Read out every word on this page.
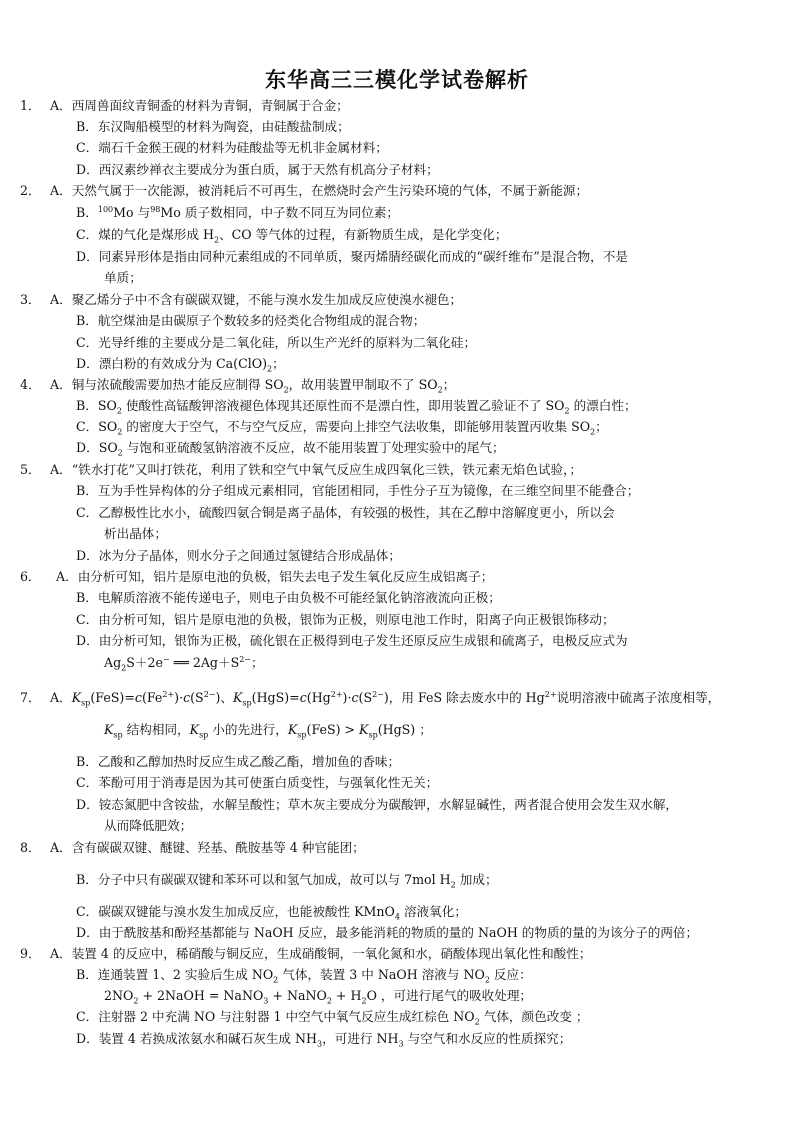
东华高三三模化学试卷解析
1． A．西周兽面纹青铜盉的材料为青铜，青铜属于合金；
B．东汉陶船模型的材料为陶瓷，由硅酸盐制成；
C．端石千金猴王砚的材料为硅酸盐等无机非金属材料；
D．西汉素纱禅衣主要成分为蛋白质，属于天然有机高分子材料；
2． A．天然气属于一次能源，被消耗后不可再生，在燃烧时会产生污染环境的气体，不属于新能源；
B．$^{100}$Mo 与$^{98}$Mo 质子数相同，中子数不同互为同位素；
C．煤的气化是煤形成 $H_2$、CO 等气体的过程，有新物质生成，是化学变化；
D．同素异形体是指由同种元素组成的不同单质，聚丙烯腈经碳化而成的“碳纤维布”是混合物，不是
单质；
3． A．聚乙烯分子中不含有碳碳双键，不能与溴水发生加成反应使溴水褪色；
B．航空煤油是由碳原子个数较多的烃类化合物组成的混合物；
C．光导纤维的主要成分是二氧化硅，所以生产光纤的原料为二氧化硅；
D．漂白粉的有效成分为 $Ca(ClO)_2$；
4． A．铜与浓硫酸需要加热才能反应制得 $SO_2$，故用装置甲制取不了 $SO_2$；
B．$SO_2$ 使酸性高锰酸钾溶液褪色体现其还原性而不是漂白性，即用装置乙验证不了 $SO_2$ 的漂白性；
C．$SO_2$ 的密度大于空气，不与空气反应，需要向上排空气法收集，即能够用装置丙收集 $SO_2$；
D．$SO_2$ 与饱和亚硫酸氢钠溶液不反应，故不能用装置丁处理实验中的尾气；
5． A．“铁水打花”又叫打铁花，利用了铁和空气中氧气反应生成四氧化三铁，铁元素无焰色试验，；
B．互为手性异构体的分子组成元素相同，官能团相同，手性分子互为镜像，在三维空间里不能叠合；
C．乙醇极性比水小，硫酸四氨合铜是离子晶体，有较强的极性，其在乙醇中溶解度更小，所以会
析出晶体；
D．冰为分子晶体，则水分子之间通过氢键结合形成晶体；
6． A．由分析可知，铝片是原电池的负极，铝失去电子发生氧化反应生成铝离子；
B．电解质溶液不能传递电子，则电子由负极不可能经氯化钠溶液流向正极；
C．由分析可知，铝片是原电池的负极，银饰为正极，则原电池工作时，阳离子向正极银饰移动；
D．由分析可知，银饰为正极，硫化银在正极得到电子发生还原反应生成银和硫离子，电极反应式为
$Ag_2S+2e^-$ ══ $2Ag+S^{2-}$；
7． A．$K_{sp}(FeS)=c(Fe^{2+})\cdot c(S^{2-})$、$K_{sp}(HgS)=c(Hg^{2+})\cdot c(S^{2-})$，用 FeS 除去废水中的 $Hg^{2+}$说明溶液中硫离子浓度相等，
$K_{sp}$ 结构相同，$K_{sp}$ 小的先进行，$K_{sp}(FeS) > K_{sp}(HgS)$ ；
B．乙酸和乙醇加热时反应生成乙酸乙酯，增加鱼的香味；
C．苯酚可用于消毒是因为其可使蛋白质变性，与强氧化性无关；
D．铵态氮肥中含铵盐，水解呈酸性；草木灰主要成分为碳酸钾，水解显碱性，两者混合使用会发生双水解，
从而降低肥效；
8． A．含有碳碳双键、醚键、羟基、酰胺基等 4 种官能团；
B．分子中只有碳碳双键和苯环可以和氢气加成，故可以与 7mol $H_2$ 加成；
C．碳碳双键能与溴水发生加成反应，也能被酸性 KMnO$_4$ 溶液氧化；
D．由于酰胺基和酚羟基都能与 NaOH 反应，最多能消耗的物质的量的 NaOH 的物质的量的为该分子的两倍；
9． A．装置 4 的反应中，稀硝酸与铜反应，生成硝酸铜，一氧化氮和水，硝酸体现出氧化性和酸性；
B．连通装置 1、2 实验后生成 $NO_2$ 气体，装置 3 中 NaOH 溶液与 $NO_2$ 反应：
$2NO_2$ + 2NaOH = NaNO$_3$ + NaNO$_2$ + $H_2O$ ，可进行尾气的吸收处理；
C．注射器 2 中充满 NO 与注射器 1 中空气中氧气反应生成红棕色 $NO_2$ 气体，颜色改变 ；
D．装置 4 若换成浓氨水和碱石灰生成 $NH_3$，可进行 $NH_3$ 与空气和水反应的性质探究；
